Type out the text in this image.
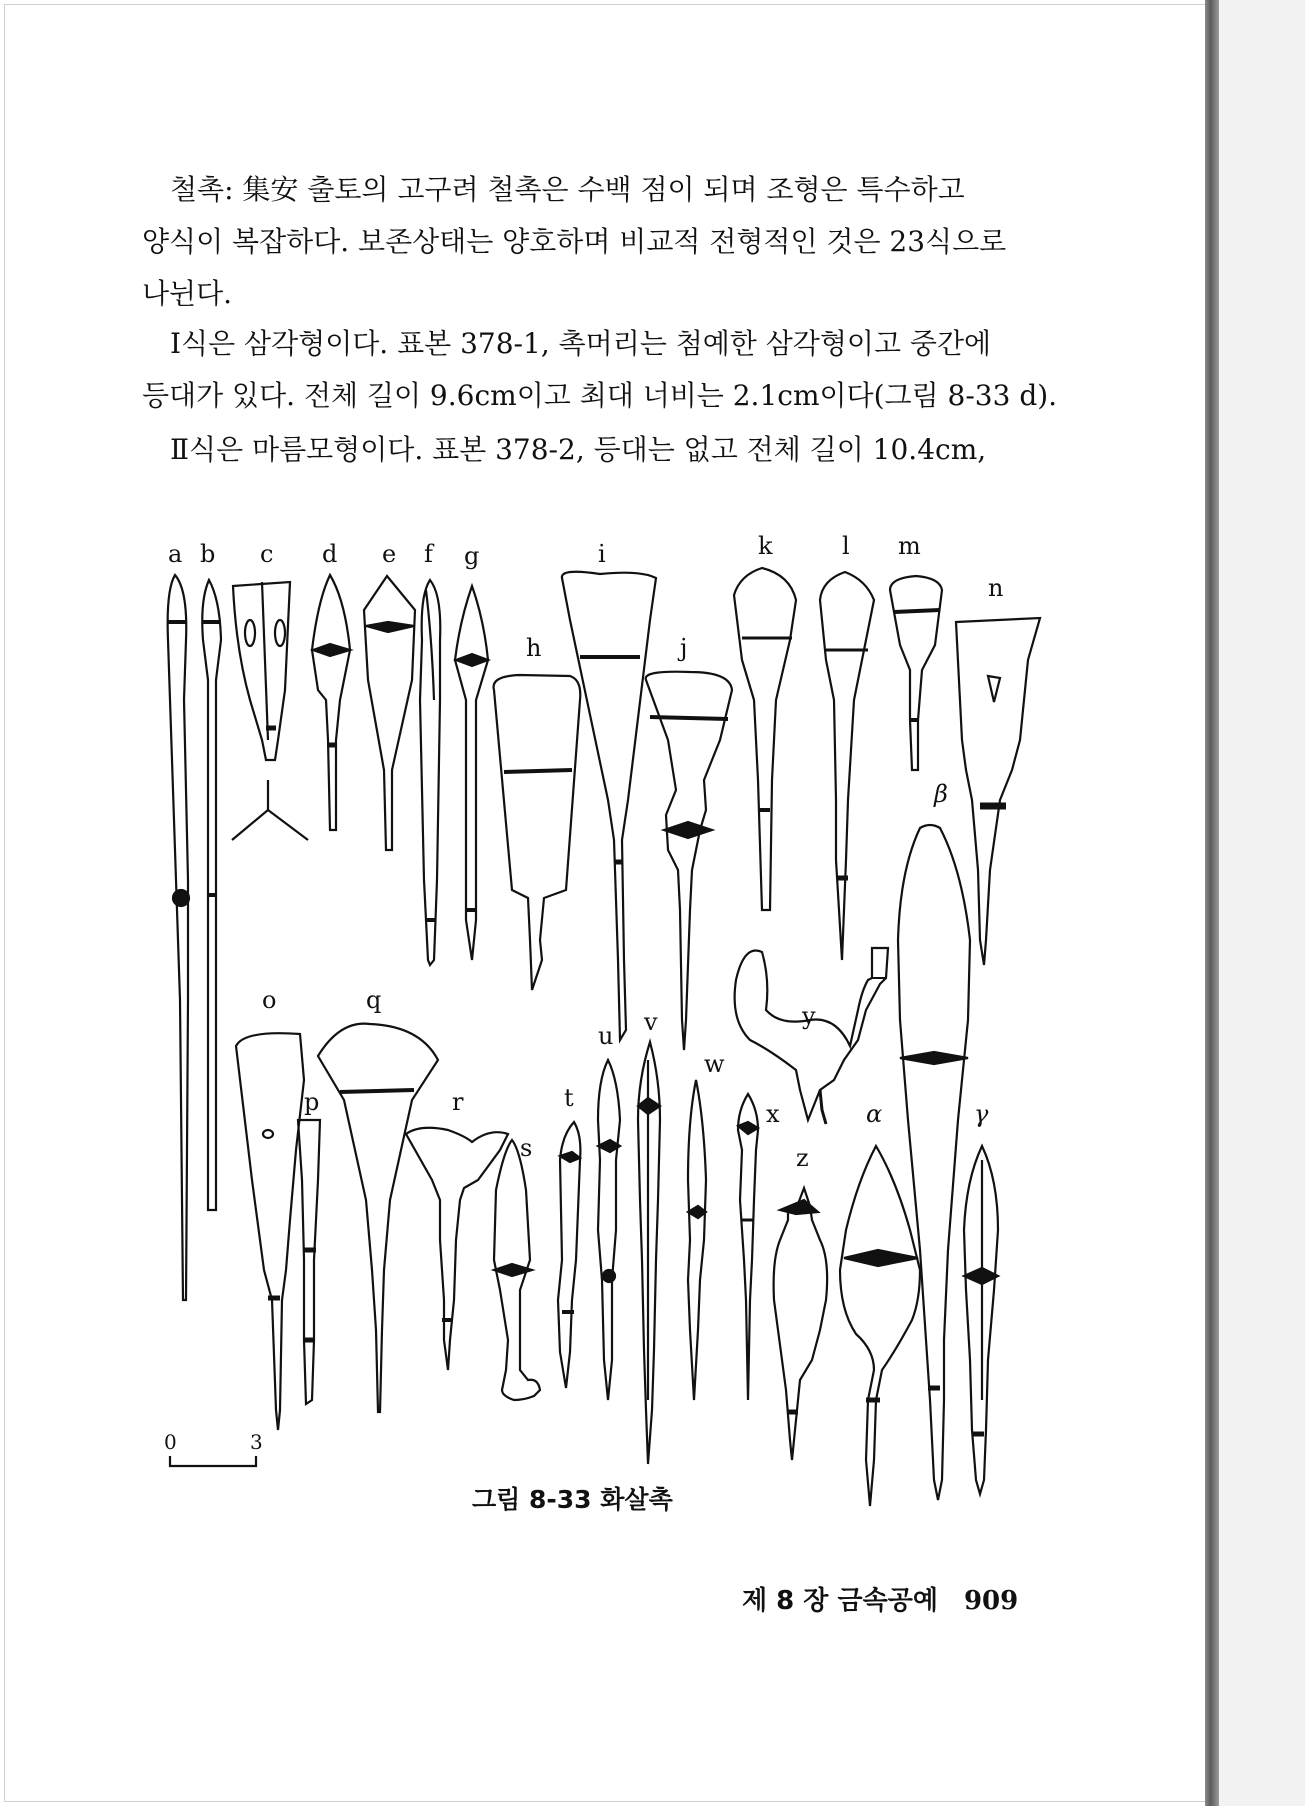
철촉: 集安 출토의 고구려 철촉은 수백 점이 되며 조형은 특수하고
양식이 복잡하다. 보존상태는 양호하며 비교적 전형적인 것은 23식으로
나뉜다.

Ⅰ식은 삼각형이다. 표본 378-1, 촉머리는 첨예한 삼각형이고 중간에
등대가 있다. 전체 길이 9.6cm이고 최대 너비는 2.1cm이다(그림 8-33 d).

Ⅱ식은 마름모형이다. 표본 378-2, 등대는 없고 전체 길이 10.4cm,

a b c d e f g
h
i
j
k	l m
n
o
p
q
r
s
t
u v
w
x
y
z
α
β
γ
0	3
그림 8-33 화살촉
제 8 장 금속공예 909
